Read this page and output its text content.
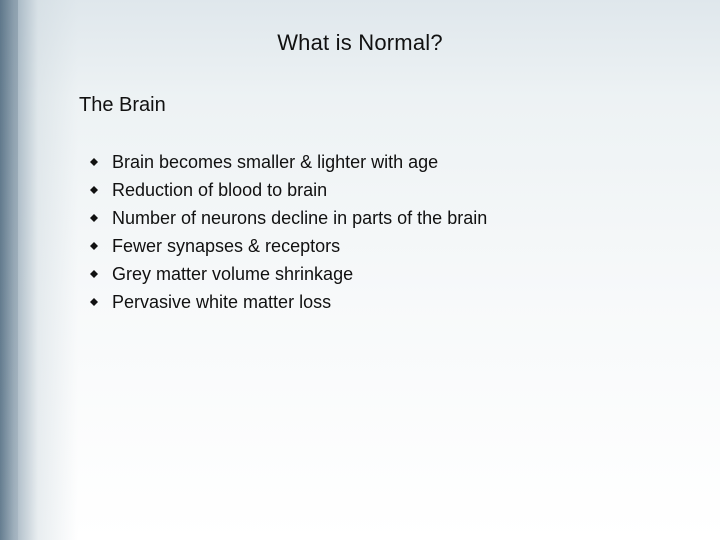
What is Normal?
The Brain
Brain becomes smaller & lighter with age
Reduction of blood to brain
Number of neurons decline in parts of the brain
Fewer synapses & receptors
Grey matter volume shrinkage
Pervasive white matter loss
